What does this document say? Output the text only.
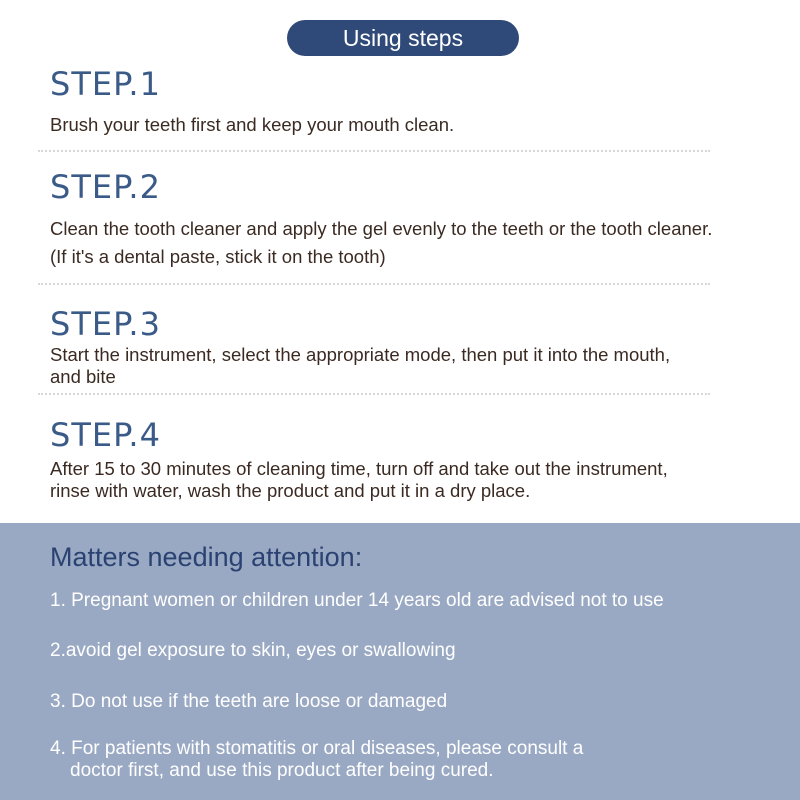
Using steps
STEP.1

Brush your teeth first and keep your mouth clean.

STEP.2

Clean the tooth cleaner and apply the gel evenly to the teeth or the tooth cleaner.

(If it's a dental paste, stick it on the tooth)

STEP.3

Start the instrument, select the appropriate mode, then put it into the mouth,

and bite

STEP.4

After 15 to 30 minutes of cleaning time, turn off and take out the instrument,

rinse with water, wash the product and put it in a dry place.

Matters needing attention:

1. Pregnant women or children under 14 years old are advised not to use

2.avoid gel exposure to skin, eyes or swallowing

3. Do not use if the teeth are loose or damaged

4. For patients with stomatitis or oral diseases, please consult a
doctor first, and use this product after being cured.
